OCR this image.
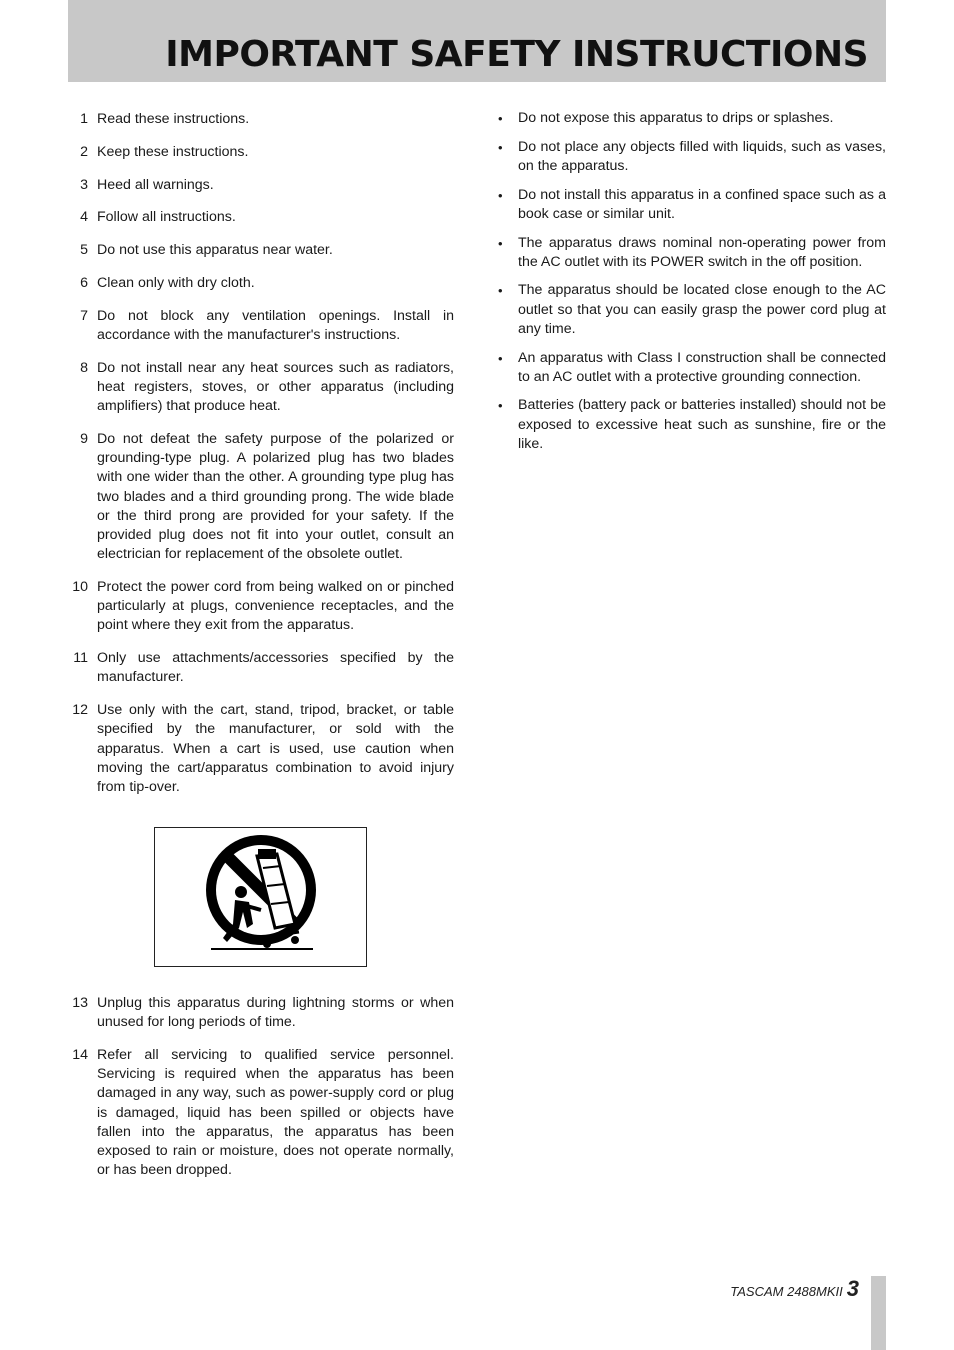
IMPORTANT SAFETY INSTRUCTIONS
1 Read these instructions.
2 Keep these instructions.
3 Heed all warnings.
4 Follow all instructions.
5 Do not use this apparatus near water.
6 Clean only with dry cloth.
7 Do not block any ventilation openings. Install in accordance with the manufacturer's instructions.
8 Do not install near any heat sources such as radiators, heat registers, stoves, or other apparatus (including amplifiers) that produce heat.
9 Do not defeat the safety purpose of the polarized or grounding-type plug. A polarized plug has two blades with one wider than the other. A grounding type plug has two blades and a third grounding prong. The wide blade or the third prong are provided for your safety. If the provided plug does not fit into your outlet, consult an electrician for replacement of the obsolete outlet.
10 Protect the power cord from being walked on or pinched particularly at plugs, convenience receptacles, and the point where they exit from the apparatus.
11 Only use attachments/accessories specified by the manufacturer.
12 Use only with the cart, stand, tripod, bracket, or table specified by the manufacturer, or sold with the apparatus. When a cart is used, use caution when moving the cart/apparatus combination to avoid injury from tip-over.
13 Unplug this apparatus during lightning storms or when unused for long periods of time.
14 Refer all servicing to qualified service personnel. Servicing is required when the apparatus has been damaged in any way, such as power-supply cord or plug is damaged, liquid has been spilled or objects have fallen into the apparatus, the apparatus has been exposed to rain or moisture, does not operate normally, or has been dropped.
•	Do not expose this apparatus to drips or splashes.
•	Do not place any objects filled with liquids, such as vases, on the apparatus.
•	Do not install this apparatus in a confined space such as a book case or similar unit.
•	The apparatus draws nominal non-operating power from the AC outlet with its POWER switch in the off position.
•	The apparatus should be located close enough to the AC outlet so that you can easily grasp the power cord plug at any time.
•	An apparatus with Class I construction shall be connected to an AC outlet with a protective grounding connection.
•	Batteries (battery pack or batteries installed) should not be exposed to excessive heat such as sunshine, fire or the like.
TASCAM 2488MKII 3
